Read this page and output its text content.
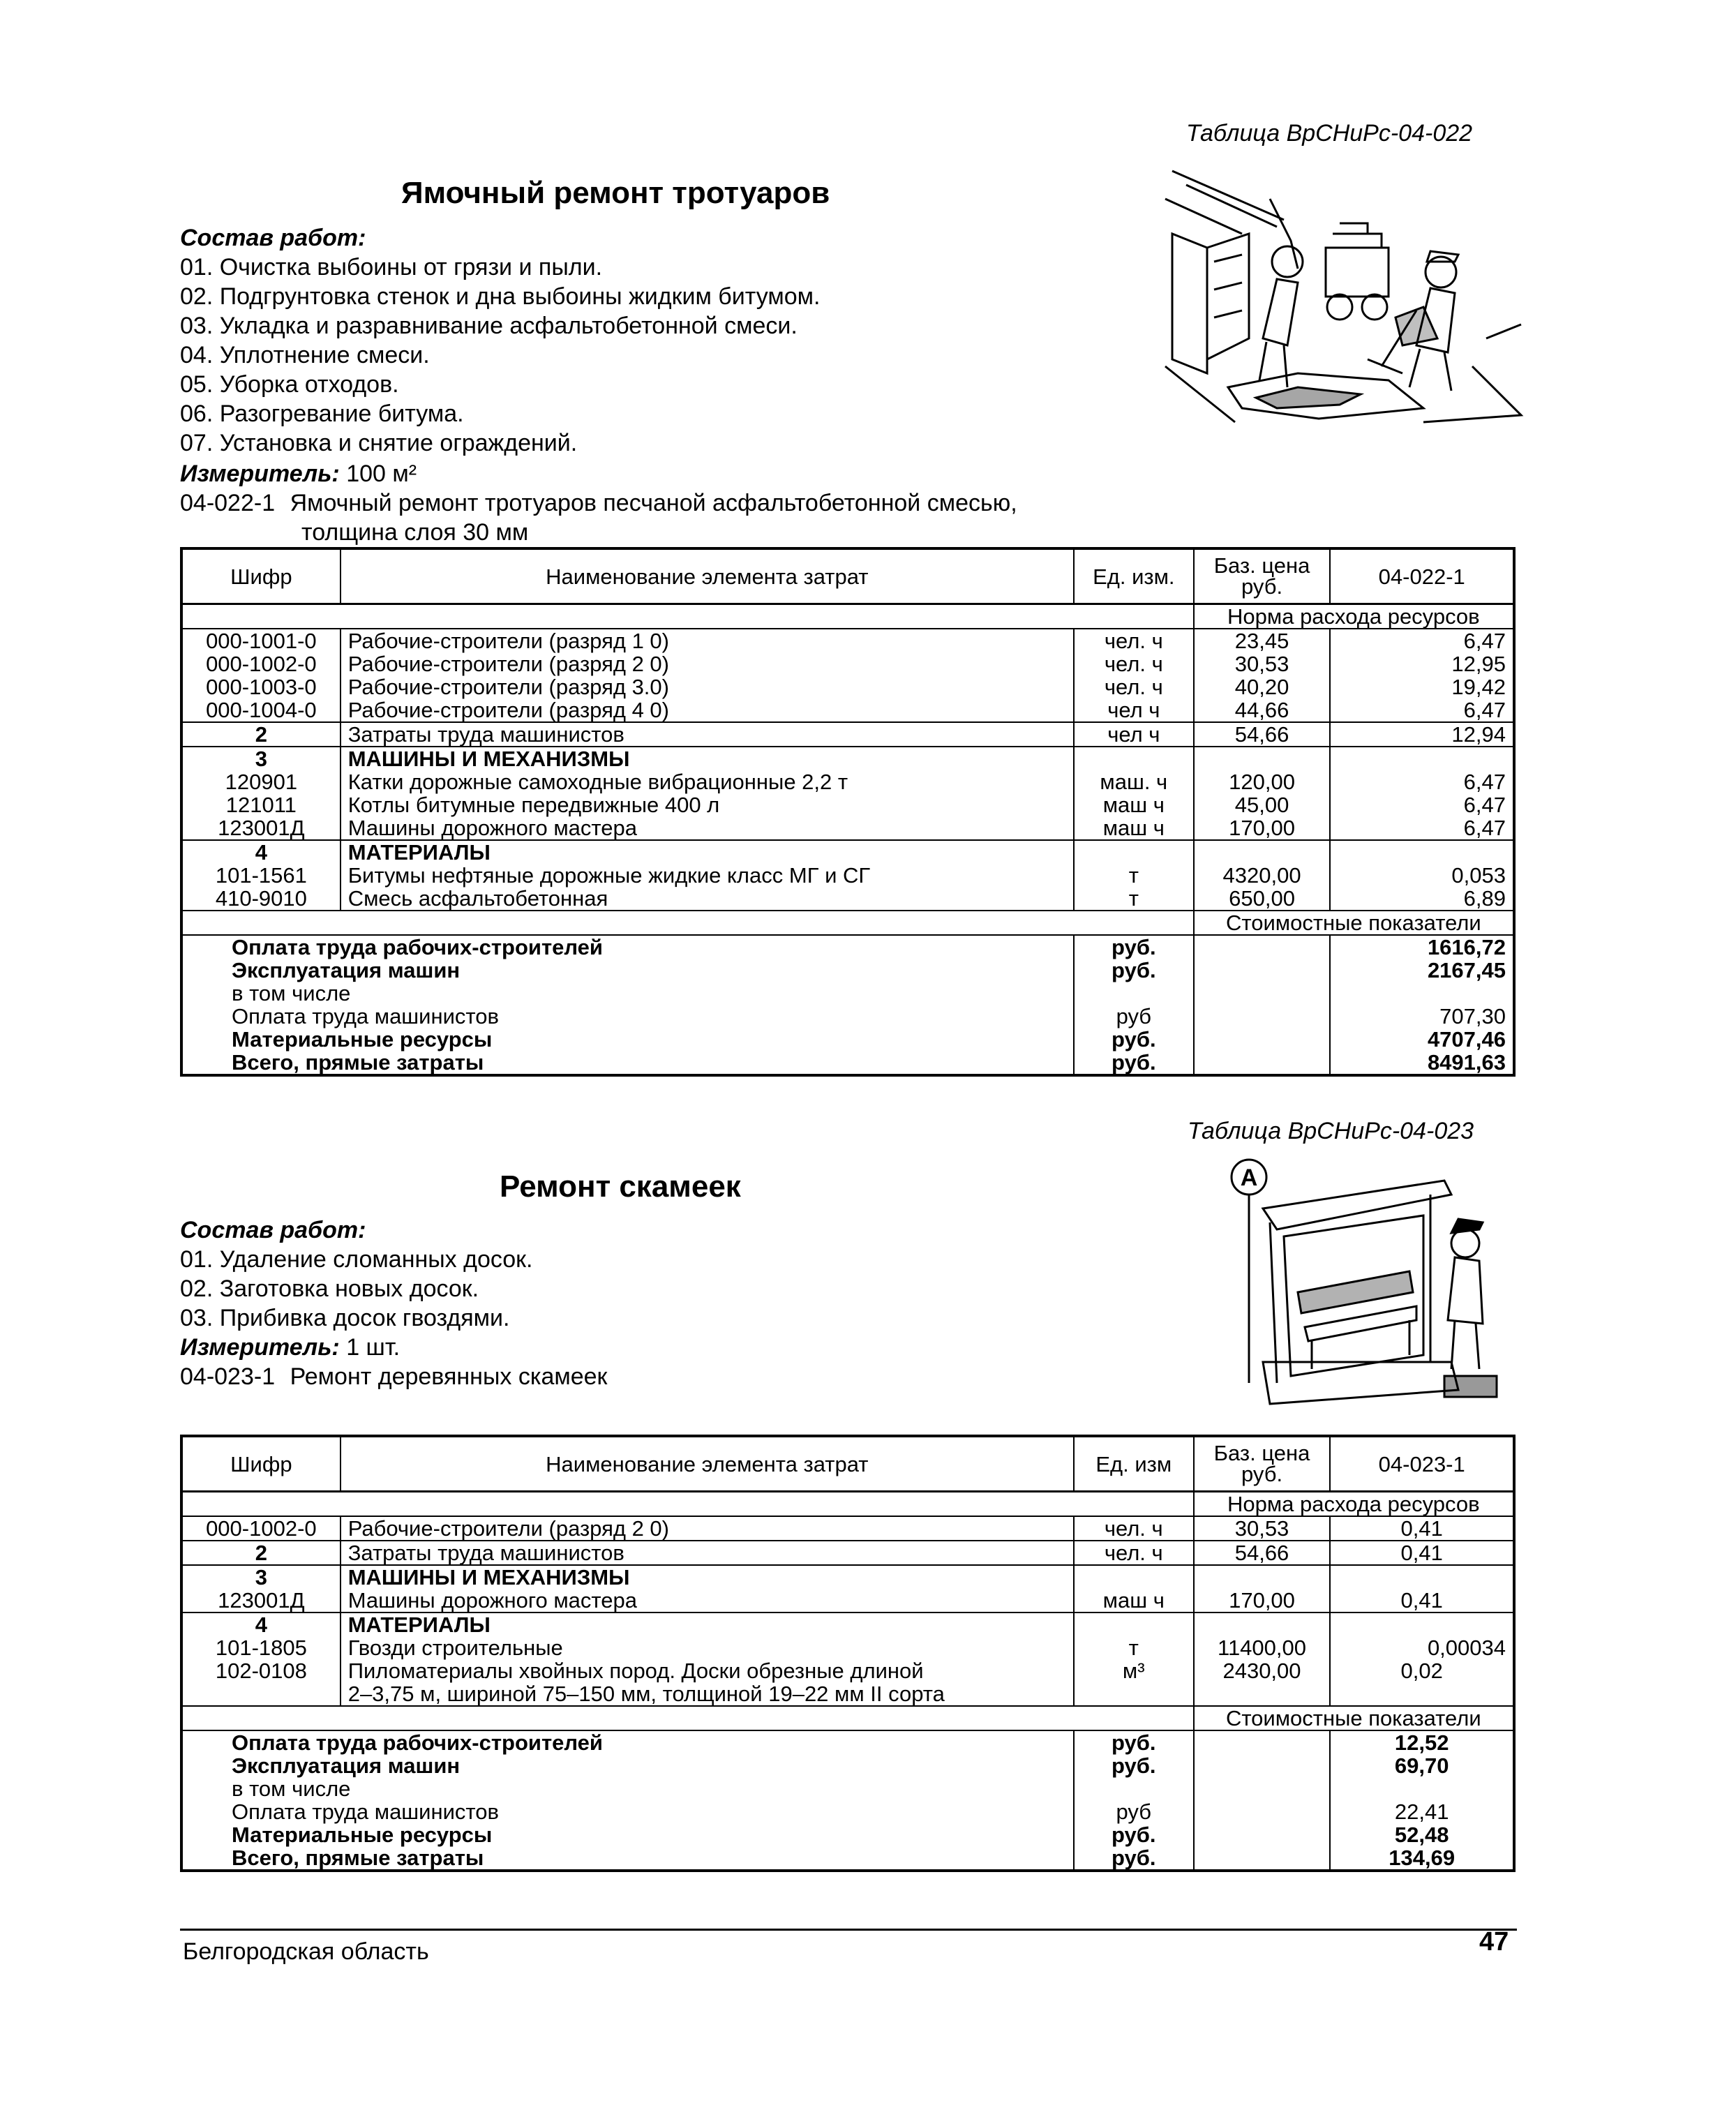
Таблица ВрСНиРс-04-022
Ямочный ремонт тротуаров
Состав работ:
01. Очистка выбоины от грязи и пыли.
02. Подгрунтовка стенок и дна выбоины жидким битумом.
03. Укладка и разравнивание асфальтобетонной смеси.
04. Уплотнение смеси.
05. Уборка отходов.
06. Разогревание битума.
07. Установка и снятие ограждений.
Измеритель: 100 м²
04-022-1 Ямочный ремонт тротуаров песчаной асфальтобетонной смесью,
толщина слоя 30 мм
Шифр	Наименование элемента затрат	Ед. изм.	Баз. цена руб.	04-022-1
			Норма расхода ресурсов	
000-1001-0	Рабочие-строители (разряд 1 0)	чел. ч	23,45	6,47
000-1002-0	Рабочие-строители (разряд 2 0)	чел. ч	30,53	12,95
000-1003-0	Рабочие-строители (разряд 3.0)	чел. ч	40,20	19,42
000-1004-0	Рабочие-строители (разряд 4 0)	чел ч	44,66	6,47
2	Затраты труда машинистов	чел ч	54,66	12,94
3	МАШИНЫ И МЕХАНИЗМЫ			
120901	Катки дорожные самоходные вибрационные 2,2 т	маш. ч	120,00	6,47
121011	Котлы битумные передвижные 400 л	маш ч	45,00	6,47
123001Д	Машины дорожного мастера	маш ч	170,00	6,47
4	МАТЕРИАЛЫ			
101-1561	Битумы нефтяные дорожные жидкие класс МГ и СГ	т	4320,00	0,053
410-9010	Смесь асфальтобетонная	т	650,00	6,89
			Стоимостные показатели	
Оплата труда рабочих-строителей		руб.		1616,72
Эксплуатация машин		руб.		2167,45
в том числе				
Оплата труда машинистов		руб		707,30
Материальные ресурсы		руб.		4707,46
Всего, прямые затраты		руб.		8491,63
Таблица ВрСНиРс-04-023
Ремонт скамеек
Состав работ:
01. Удаление сломанных досок.
02. Заготовка новых досок.
03. Прибивка досок гвоздями.
Измеритель: 1 шт.
04-023-1 Ремонт деревянных скамеек
A
Шифр	Наименование элемента затрат	Ед. изм	Баз. цена руб.	04-023-1
			Норма расхода ресурсов	
000-1002-0	Рабочие-строители (разряд 2 0)	чел. ч	30,53	0,41
2	Затраты труда машинистов	чел. ч	54,66	0,41
3	МАШИНЫ И МЕХАНИЗМЫ			
123001Д	Машины дорожного мастера	маш ч	170,00	0,41
4	МАТЕРИАЛЫ			
101-1805	Гвозди строительные	т	11400,00	0,00034
102-0108	Пиломатериалы хвойных пород. Доски обрезные длиной	м³	2430,00	0,02
	2–3,75 м, шириной 75–150 мм, толщиной 19–22 мм II сорта			
			Стоимостные показатели	
Оплата труда рабочих-строителей		руб.		12,52
Эксплуатация машин		руб.		69,70
в том числе				
Оплата труда машинистов		руб		22,41
Материальные ресурсы		руб.		52,48
Всего, прямые затраты		руб.		134,69
Белгородская область	47
